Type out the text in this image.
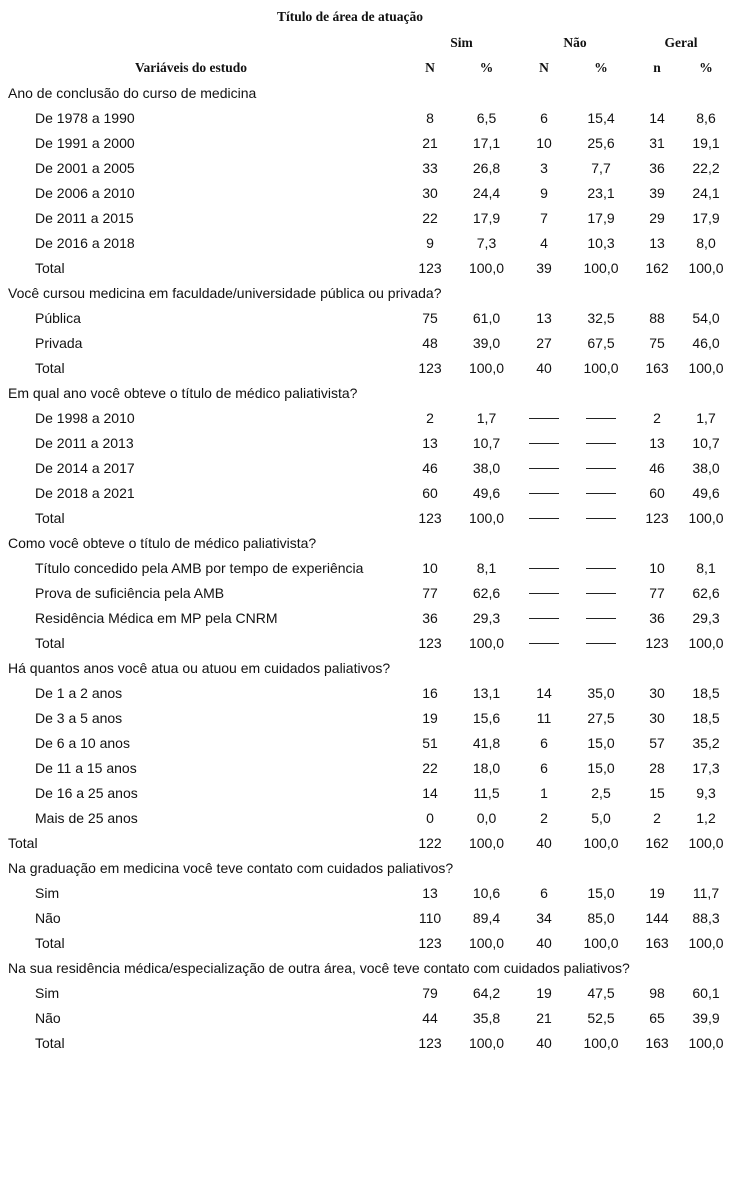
	Título de área de atuação					

	Sim		Não		Geral	
Variáveis do estudo	N	%	N	%	n	%
Ano de conclusão do curso de medicina						
De 1978 a 1990	8	6,5	6	15,4	14	8,6
De 1991 a 2000	21	17,1	10	25,6	31	19,1
De 2001 a 2005	33	26,8	3	7,7	36	22,2
De 2006 a 2010	30	24,4	9	23,1	39	24,1
De 2011 a 2015	22	17,9	7	17,9	29	17,9
De 2016 a 2018	9	7,3	4	10,3	13	8,0
Total	123	100,0	39	100,0	162	100,0
Você cursou medicina em faculdade/universidade pública ou privada?						
Pública	75	61,0	13	32,5	88	54,0
Privada	48	39,0	27	67,5	75	46,0
Total	123	100,0	40	100,0	163	100,0
Em qual ano você obteve o título de médico paliativista?						
De 1998 a 2010	2	1,7			2	1,7
De 2011 a 2013	13	10,7			13	10,7
De 2014 a 2017	46	38,0			46	38,0
De 2018 a 2021	60	49,6			60	49,6
Total	123	100,0			123	100,0
Como você obteve o título de médico paliativista?						
Título concedido pela AMB por tempo de experiência	10	8,1			10	8,1
Prova de suficiência pela AMB	77	62,6			77	62,6
Residência Médica em MP pela CNRM	36	29,3			36	29,3
Total	123	100,0			123	100,0
Há quantos anos você atua ou atuou em cuidados paliativos?						
De 1 a 2 anos	16	13,1	14	35,0	30	18,5
De 3 a 5 anos	19	15,6	11	27,5	30	18,5
De 6 a 10 anos	51	41,8	6	15,0	57	35,2
De 11 a 15 anos	22	18,0	6	15,0	28	17,3
De 16 a 25 anos	14	11,5	1	2,5	15	9,3
Mais de 25 anos	0	0,0	2	5,0	2	1,2
Total	122	100,0	40	100,0	162	100,0
Na graduação em medicina você teve contato com cuidados paliativos?						
Sim	13	10,6	6	15,0	19	11,7
Não	110	89,4	34	85,0	144	88,3
Total	123	100,0	40	100,0	163	100,0
Na sua residência médica/especialização de outra área, você teve contato com cuidados paliativos?						
Sim	79	64,2	19	47,5	98	60,1
Não	44	35,8	21	52,5	65	39,9
Total	123	100,0	40	100,0	163	100,0
